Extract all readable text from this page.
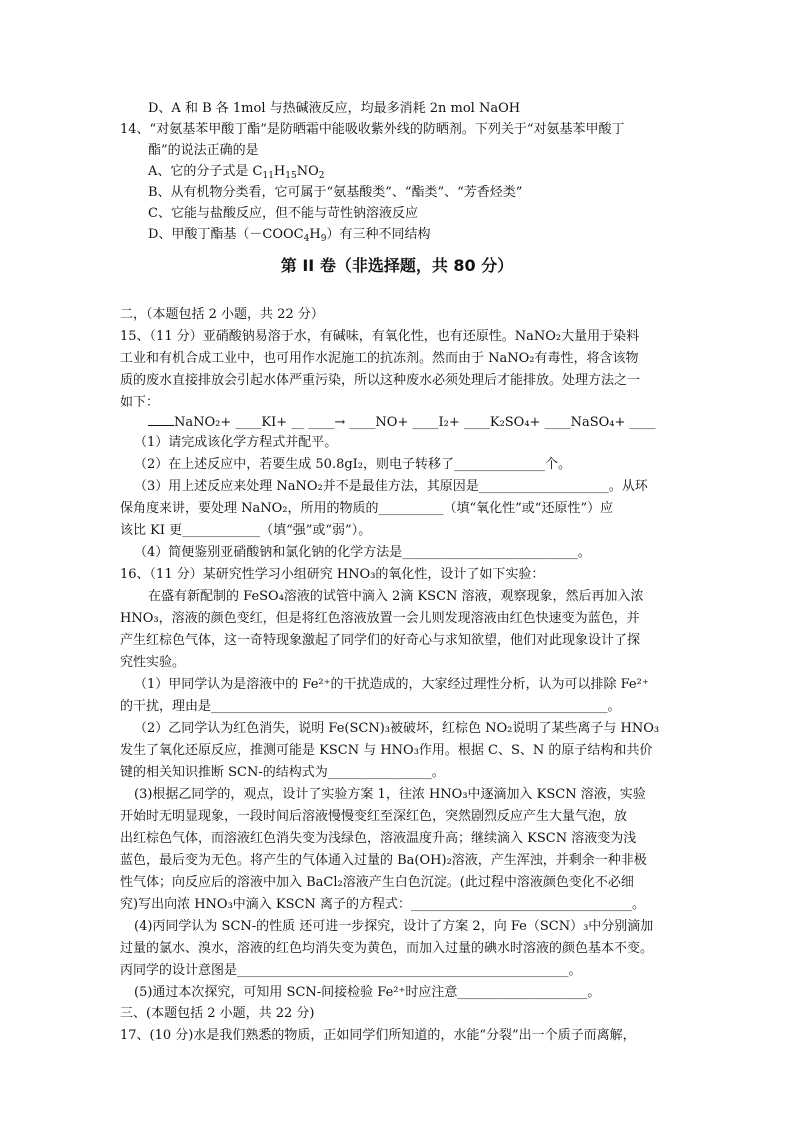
D、A 和 B 各 1mol 与热碱液反应，均最多消耗 2n mol NaOH
14、“对氨基苯甲酸丁酯”是防晒霜中能吸收紫外线的防晒剂。下列关于“对氨基苯甲酸丁
酯”的说法正确的是
A、它的分子式是 $C_{11}H_{15}NO_2$
B、从有机物分类看，它可属于“氨基酸类”、“酯类”、“芳香烃类”
C、它能与盐酸反应，但不能与苛性钠溶液反应
D、甲酸丁酯基$(-COOC_4H_9)$有三种不同结构
第 II 卷（非选择题，共 80 分）
二，（本题包括 2 小题，共 22 分）
15、（11 分）亚硝酸钠易溶于水，有碱味，有氧化性，也有还原性。NaNO₂大量用于染料
工业和有机合成工业中，也可用作水泥施工的抗冻剂。然而由于 NaNO₂有毒性，将含该物
质的废水直接排放会引起水体严重污染，所以这种废水必须处理后才能排放。处理方法之一
如下：
NaNO₂+ ____KI+ __ ____→ ____NO+ ____I₂+ ____K₂SO₄+ ____NaSO₄+ ____
（1）请完成该化学方程式并配平。
（2）在上述反应中，若要生成 50.8gI₂，则电子转移了______________个。
（3）用上述反应来处理 NaNO₂并不是最佳方法，其原因是____________________。从环
保角度来讲，要处理 NaNO₂，所用的物质的__________（填“氧化性”或“还原性”）应
该比 KI 更____________（填“强”或“弱”）。
（4）简便鉴别亚硝酸钠和氯化钠的化学方法是___________________________。
16、（11 分）某研究性学习小组研究 HNO₃的氧化性，设计了如下实验：
在盛有新配制的 FeSO₄溶液的试管中滴入 2滴 KSCN 溶液，观察现象，然后再加入浓
HNO₃，溶液的颜色变红，但是将红色溶液放置一会儿则发现溶液由红色快速变为蓝色，并
产生红棕色气体，这一奇特现象激起了同学们的好奇心与求知欲望，他们对此现象设计了探
究性实验。
（1）甲同学认为是溶液中的 Fe²⁺的干扰造成的，大家经过理性分析，认为可以排除 Fe²⁺
的干扰，理由是_____________________________________________________________。
（2）乙同学认为红色消失，说明 Fe(SCN)₃被破坏，红棕色 NO₂说明了某些离子与 HNO₃
发生了氧化还原反应，推测可能是 KSCN 与 HNO₃作用。根据 C、S、N 的原子结构和共价
键的相关知识推断 SCN-的结构式为________________。
(3)根据乙同学的，观点，设计了实验方案 1，往浓 HNO₃中逐滴加入 KSCN 溶液，实验
开始时无明显现象，一段时间后溶液慢慢变红至深红色，突然剧烈反应产生大量气泡，放
出红棕色气体，而溶液红色消失变为浅绿色，溶液温度升高；继续滴入 KSCN 溶液变为浅
蓝色，最后变为无色。将产生的气体通入过量的 Ba(OH)₂溶液，产生浑浊，并剩余一种非极
性气体；向反应后的溶液中加入 BaCl₂溶液产生白色沉淀。(此过程中溶液颜色变化不必细
究)写出向浓 HNO₃中滴入 KSCN 离子的方程式：__________________________________。
(4)丙同学认为 SCN-的性质 还可进一步探究，设计了方案 2，向 Fe（SCN）₃中分别滴加
过量的氯水、溴水，溶液的红色均消失变为黄色，而加入过量的碘水时溶液的颜色基本不变。
丙同学的设计意图是___________________________________________________。
(5)通过本次探究，可知用 SCN-间接检验 Fe²⁺时应注意____________________。
三、(本题包括 2 小题，共 22 分)
17、(10 分)水是我们熟悉的物质，正如同学们所知道的，水能“分裂”出一个质子而离解，
